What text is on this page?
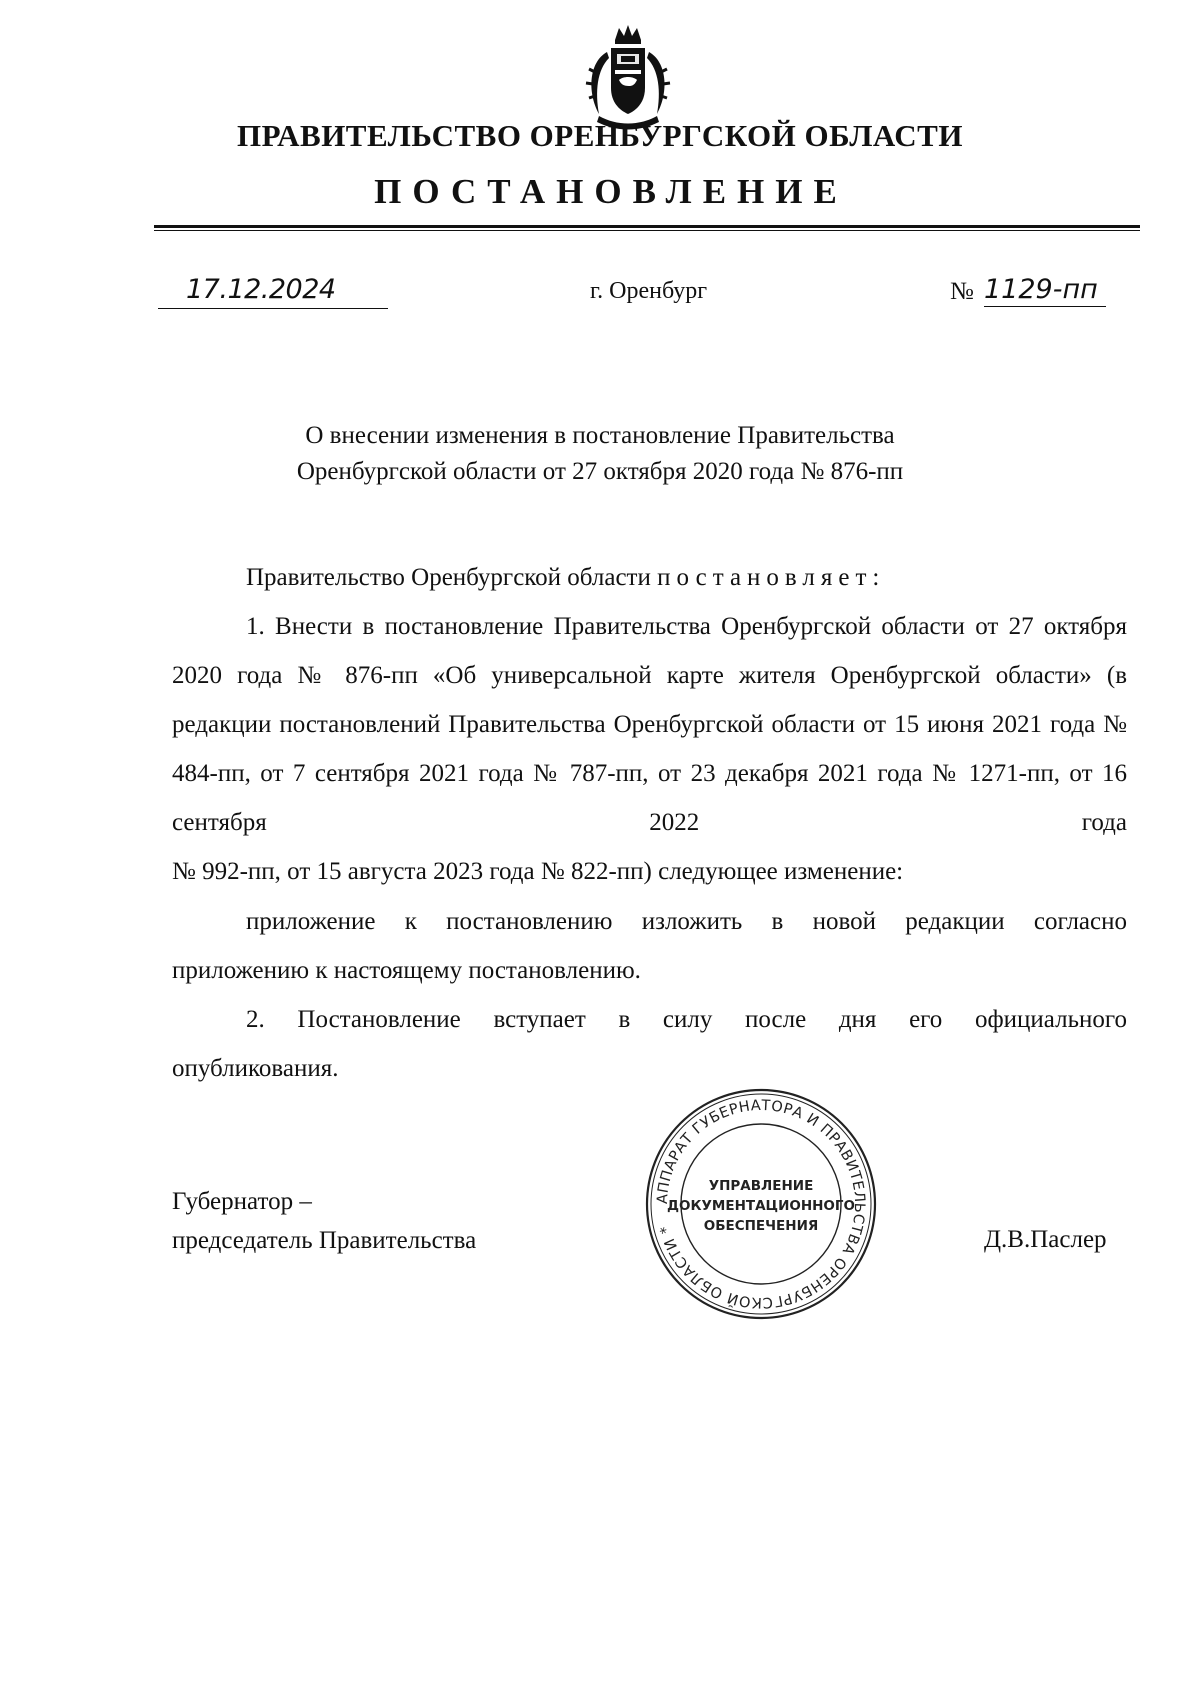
ПРАВИТЕЛЬСТВО ОРЕНБУРГСКОЙ ОБЛАСТИ
ПОСТАНОВЛЕНИЕ
17.12.2024	г. Оренбург	№ 1129-пп
О внесении изменения в постановление Правительства
Оренбургской области от 27 октября 2020 года № 876-пп
Правительство Оренбургской области постановляет:
1. Внести в постановление Правительства Оренбургской области от 27 октября 2020 года № 876-пп «Об универсальной карте жителя Оренбургской области» (в редакции постановлений Правительства Оренбургской области от 15 июня 2021 года № 484-пп, от 7 сентября 2021 года № 787-пп, от 23 декабря 2021 года № 1271-пп, от 16 сентября 2022 года
№ 992-пп, от 15 августа 2023 года № 822-пп) следующее изменение:
приложение к постановлению изложить в новой редакции согласно
приложению к настоящему постановлению.
2. Постановление вступает в силу после дня его официального
опубликования.
Губернатор –
председатель Правительства	Д.В.Паслер
АППАРАТ ГУБЕРНАТОРА И ПРАВИТЕЛЬСТВА ОРЕНБУРГСКОЙ ОБЛАСТИ *
УПРАВЛЕНИЕ
ДОКУМЕНТАЦИОННОГО
ОБЕСПЕЧЕНИЯ
